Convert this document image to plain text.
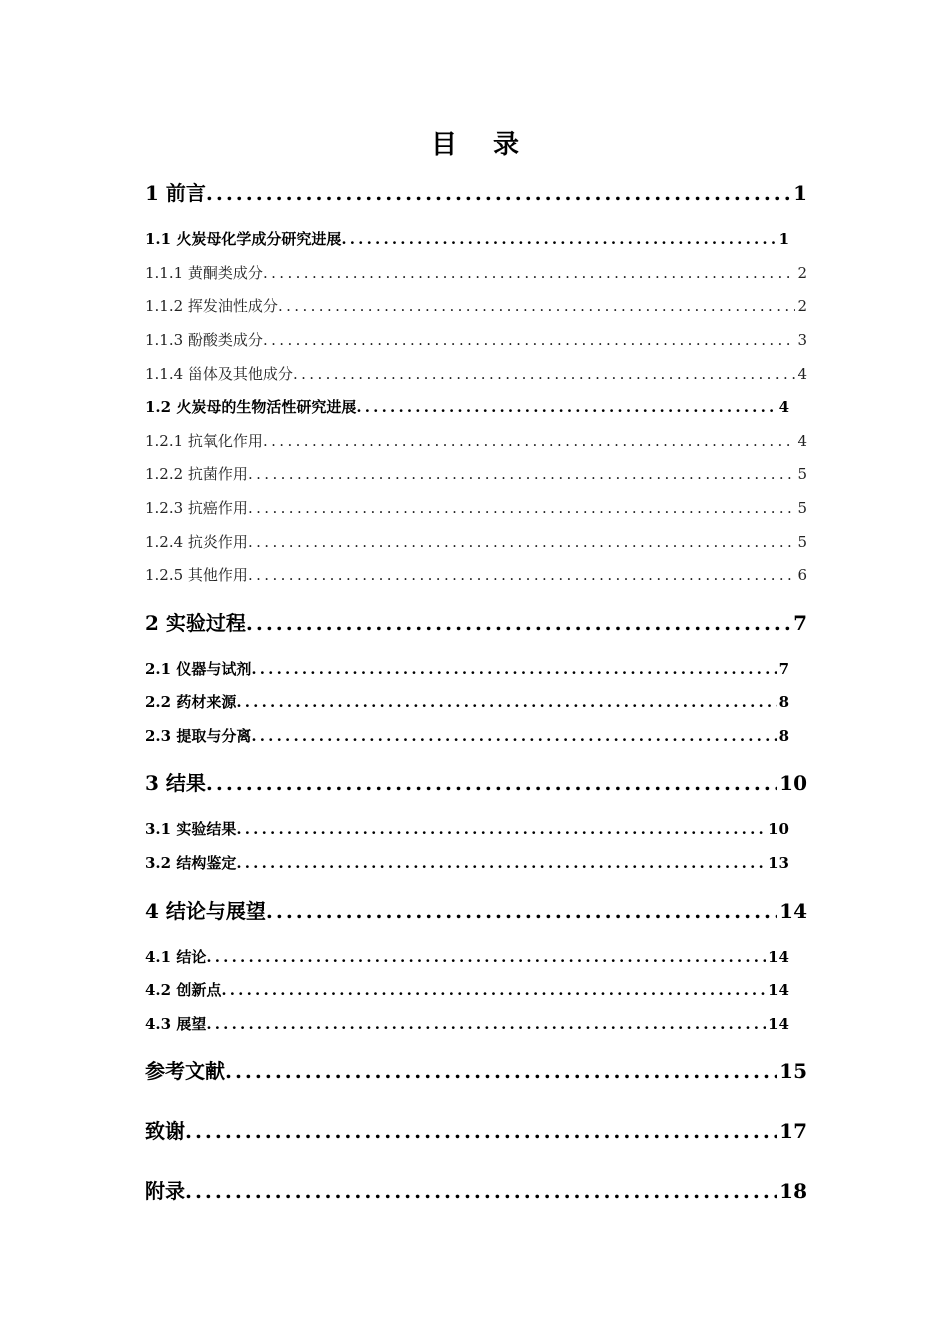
目 录
1 前言 .....	1
1.1 火炭母化学成分研究进展 .....	1
1.1.1 黄酮类成分 .....	2
1.1.2 挥发油性成分 .....	2
1.1.3 酚酸类成分 .....	3
1.1.4 甾体及其他成分 .....	4
1.2 火炭母的生物活性研究进展 .....	4
1.2.1 抗氧化作用 .....	4
1.2.2 抗菌作用 .....	5
1.2.3 抗癌作用 .....	5
1.2.4 抗炎作用 .....	5
1.2.5 其他作用 .....	6
2 实验过程 .....	7
2.1 仪器与试剂 .....	7
2.2 药材来源 .....	8
2.3 提取与分离 .....	8
3 结果 .....	10
3.1 实验结果 .....	10
3.2 结构鉴定 .....	13
4 结论与展望 .....	14
4.1 结论 .....	14
4.2 创新点 .....	14
4.3 展望 .....	14
参考文献 .....	15
致谢 .....	17
附录 .....	18
